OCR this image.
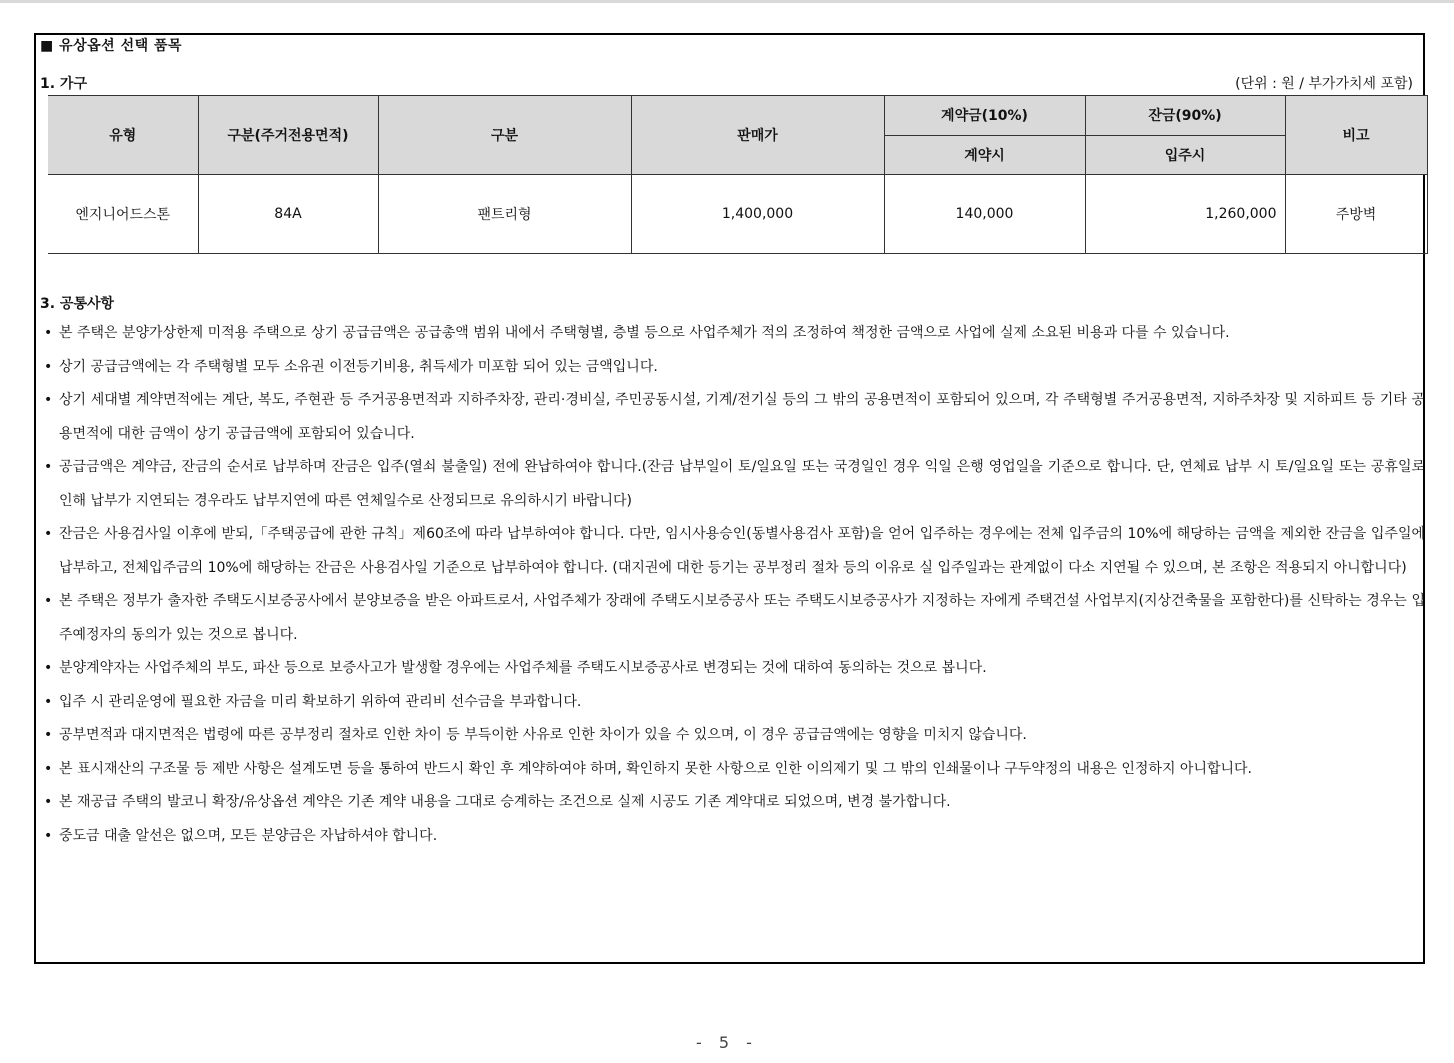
■ 유상옵션 선택 품목
1. 가구	(단위 : 원 / 부가가치세 포함)
유형	구분(주거전용면적)	구분	판매가	계약금(10%)	잔금(90%)	비고
				계약시	입주시	
엔지니어드스톤	84A	팬트리형	1,400,000	140,000	1,260,000	주방벽
3. 공통사항
• 본 주택은 분양가상한제 미적용 주택으로 상기 공급금액은 공급총액 범위 내에서 주택형별, 층별 등으로 사업주체가 적의 조정하여 책정한 금액으로 사업에 실제 소요된 비용과 다를 수 있습니다.
• 상기 공급금액에는 각 주택형별 모두 소유권 이전등기비용, 취득세가 미포함 되어 있는 금액입니다.
• 상기 세대별 계약면적에는 계단, 복도, 주현관 등 주거공용면적과 지하주차장, 관리·경비실, 주민공동시설, 기계/전기실 등의 그 밖의 공용면적이 포함되어 있으며, 각 주택형별 주거공용면적, 지하주차장 및 지하피트 등 기타 공용면적에 대한 금액이 상기 공급금액에 포함되어 있습니다.
• 공급금액은 계약금, 잔금의 순서로 납부하며 잔금은 입주(열쇠 불출일) 전에 완납하여야 합니다.(잔금 납부일이 토/일요일 또는 국경일인 경우 익일 은행 영업일을 기준으로 합니다. 단, 연체료 납부 시 토/일요일 또는 공휴일로 인해 납부가 지연되는 경우라도 납부지연에 따른 연체일수로 산정되므로 유의하시기 바랍니다)
• 잔금은 사용검사일 이후에 받되,「주택공급에 관한 규칙」제60조에 따라 납부하여야 합니다. 다만, 임시사용승인(동별사용검사 포함)을 얻어 입주하는 경우에는 전체 입주금의 10%에 해당하는 금액을 제외한 잔금을 입주일에 납부하고, 전체입주금의 10%에 해당하는 잔금은 사용검사일 기준으로 납부하여야 합니다. (대지권에 대한 등기는 공부정리 절차 등의 이유로 실 입주일과는 관계없이 다소 지연될 수 있으며, 본 조항은 적용되지 아니합니다)
• 본 주택은 정부가 출자한 주택도시보증공사에서 분양보증을 받은 아파트로서, 사업주체가 장래에 주택도시보증공사 또는 주택도시보증공사가 지정하는 자에게 주택건설 사업부지(지상건축물을 포함한다)를 신탁하는 경우는 입주예정자의 동의가 있는 것으로 봅니다.
• 분양계약자는 사업주체의 부도, 파산 등으로 보증사고가 발생할 경우에는 사업주체를 주택도시보증공사로 변경되는 것에 대하여 동의하는 것으로 봅니다.
• 입주 시 관리운영에 필요한 자금을 미리 확보하기 위하여 관리비 선수금을 부과합니다.
• 공부면적과 대지면적은 법령에 따른 공부정리 절차로 인한 차이 등 부득이한 사유로 인한 차이가 있을 수 있으며, 이 경우 공급금액에는 영향을 미치지 않습니다.
• 본 표시재산의 구조물 등 제반 사항은 설계도면 등을 통하여 반드시 확인 후 계약하여야 하며, 확인하지 못한 사항으로 인한 이의제기 및 그 밖의 인쇄물이나 구두약정의 내용은 인정하지 아니합니다.
• 본 재공급 주택의 발코니 확장/유상옵션 계약은 기존 계약 내용을 그대로 승계하는 조건으로 실제 시공도 기존 계약대로 되었으며, 변경 불가합니다.
• 중도금 대출 알선은 없으며, 모든 분양금은 자납하셔야 합니다.
- 5 -
